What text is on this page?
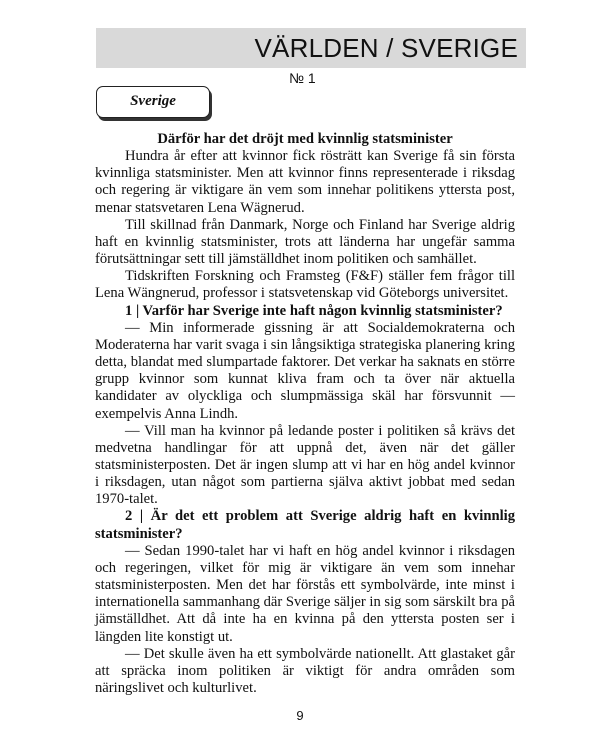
VÄRLDEN / SVERIGE
№ 1
Sverige

Därför har det dröjt med kvinnlig statsminister

Hundra år efter att kvinnor fick rösträtt kan Sverige få sin första kvinnliga statsminister. Men att kvinnor finns representerade i riksdag och regering är viktigare än vem som innehar politikens yttersta post, menar statsvetaren Lena Wägnerud.

Till skillnad från Danmark, Norge och Finland har Sverige aldrig haft en kvinnlig statsminister, trots att länderna har ungefär samma förutsättningar sett till jämställdhet inom politiken och samhället.

Tidskriften Forskning och Framsteg (F&F) ställer fem frågor till Lena Wängnerud, professor i statsvetenskap vid Göteborgs universitet.

1 | Varför har Sverige inte haft någon kvinnlig statsminister?

— Min informerade gissning är att Socialdemokraterna och Moderaterna har varit svaga i sin långsiktiga strategiska planering kring detta, blandat med slumpartade faktorer. Det verkar ha saknats en större grupp kvinnor som kunnat kliva fram och ta över när aktuella kandidater av olyckliga och slumpmässiga skäl har försvunnit — exempelvis Anna Lindh.

— Vill man ha kvinnor på ledande poster i politiken så krävs det medvetna handlingar för att uppnå det, även när det gäller statsministerposten. Det är ingen slump att vi har en hög andel kvinnor i riksdagen, utan något som partierna själva aktivt jobbat med sedan 1970-talet.

2 | Är det ett problem att Sverige aldrig haft en kvinnlig statsminister?

— Sedan 1990-talet har vi haft en hög andel kvinnor i riksdagen och regeringen, vilket för mig är viktigare än vem som innehar statsministerposten. Men det har förstås ett symbolvärde, inte minst i internationella sammanhang där Sverige säljer in sig som särskilt bra på jämställdhet. Att då inte ha en kvinna på den yttersta posten ser i längden lite konstigt ut.

— Det skulle även ha ett symbolvärde nationellt. Att glastaket går att spräcka inom politiken är viktigt för andra områden som näringslivet och kulturlivet.

9
